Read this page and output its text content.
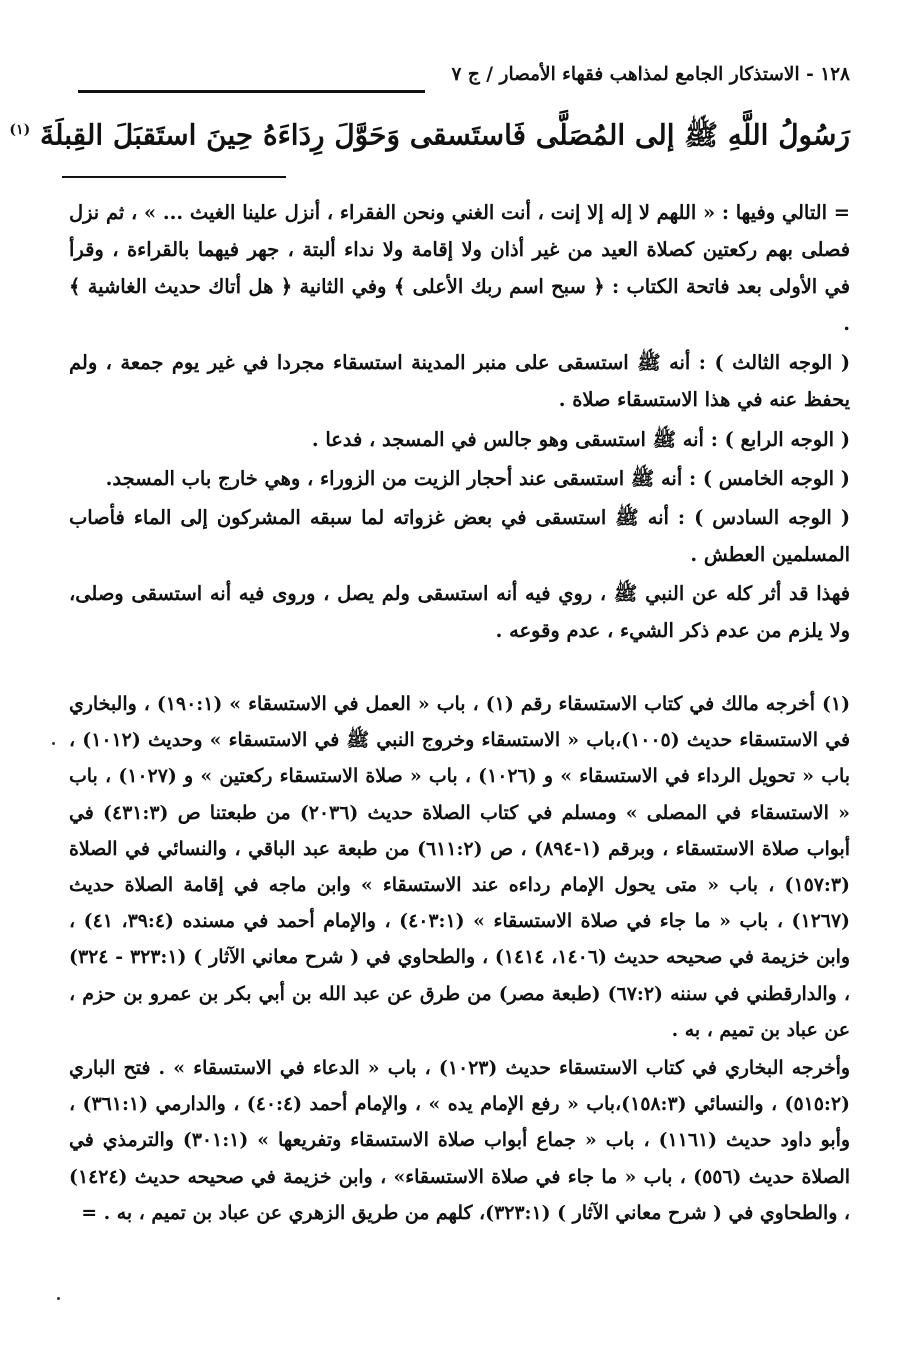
١٢٨ - الاستذكار الجامع لمذاهب فقهاء الأمصار / ج ٧
رَسُولُ اللَّهِ ﷺ إلى المُصَلَّى فَاستَسقى وَحَوَّلَ رِدَاءَهُ حِينَ استَقبَلَ القِبلَةَ $^{(١)}$

= التالي وفيها : « اللهم لا إله إلا إنت ، أنت الغني ونحن الفقراء ، أنزل علينا الغيث ... » ، ثم نزل فصلى بهم ركعتين كصلاة العيد من غير أذان ولا إقامة ولا نداء ألبتة ، جهر فيهما بالقراءة ، وقرأ في الأولى بعد فاتحة الكتاب : ﴿ سبح اسم ربك الأعلى ﴾ وفي الثانية ﴿ هل أتاك حديث الغاشية ﴾ .

( الوجه الثالث ) : أنه ﷺ استسقى على منبر المدينة استسقاء مجردا في غير يوم جمعة ، ولم يحفظ عنه في هذا الاستسقاء صلاة .

( الوجه الرابع ) : أنه ﷺ استسقى وهو جالس في المسجد ، فدعا .

( الوجه الخامس ) : أنه ﷺ استسقى عند أحجار الزيت من الزوراء ، وهي خارج باب المسجد.

( الوجه السادس ) : أنه ﷺ استسقى في بعض غزواته لما سبقه المشركون إلى الماء فأصاب المسلمين العطش .

فهذا قد أثر كله عن النبي ﷺ ، روي فيه أنه استسقى ولم يصل ، وروى فيه أنه استسقى وصلى، ولا يلزم من عدم ذكر الشيء ، عدم وقوعه .

(١) أخرجه مالك في كتاب الاستسقاء رقم (١) ، باب « العمل في الاستسقاء » (١٩٠:١) ، والبخاري في الاستسقاء حديث (١٠٠٥)،باب « الاستسقاء وخروج النبي ﷺ في الاستسقاء » وحديث (١٠١٢) ، باب « تحويل الرداء في الاستسقاء » و (١٠٢٦) ، باب « صلاة الاستسقاء ركعتين » و (١٠٢٧) ، باب « الاستسقاء في المصلى » ومسلم في كتاب الصلاة حديث (٢٠٣٦) من طبعتنا ص (٤٣١:٣) في أبواب صلاة الاستسقاء ، وبرقم (١-٨٩٤) ، ص (٦١١:٢) من طبعة عبد الباقي ، والنسائي في الصلاة (١٥٧:٣) ، باب « متى يحول الإمام رداءه عند الاستسقاء » وابن ماجه في إقامة الصلاة حديث (١٢٦٧) ، باب « ما جاء في صلاة الاستسقاء » (٤٠٣:١) ، والإمام أحمد في مسنده (٣٩:٤، ٤١) ، وابن خزيمة في صحيحه حديث (١٤٠٦، ١٤١٤) ، والطحاوي في ( شرح معاني الآثار ) (٣٢٣:١ - ٣٢٤) ، والدارقطني في سننه (٦٧:٢) (طبعة مصر) من طرق عن عبد الله بن أبي بكر بن عمرو بن حزم ، عن عباد بن تميم ، به .

وأخرجه البخاري في كتاب الاستسقاء حديث (١٠٢٣) ، باب « الدعاء في الاستسقاء » . فتح الباري (٥١٥:٢) ، والنسائي (١٥٨:٣)،باب « رفع الإمام يده » ، والإمام أحمد (٤٠:٤) ، والدارمي (٣٦١:١) ، وأبو داود حديث (١١٦١) ، باب « جماع أبواب صلاة الاستسقاء وتفريعها » (٣٠١:١) والترمذي في الصلاة حديث (٥٥٦) ، باب « ما جاء في صلاة الاستسقاء» ، وابن خزيمة في صحيحه حديث (١٤٢٤) ، والطحاوي في ( شرح معاني الآثار ) (٣٢٣:١)، كلهم من طريق الزهري عن عباد بن تميم ، به . =
